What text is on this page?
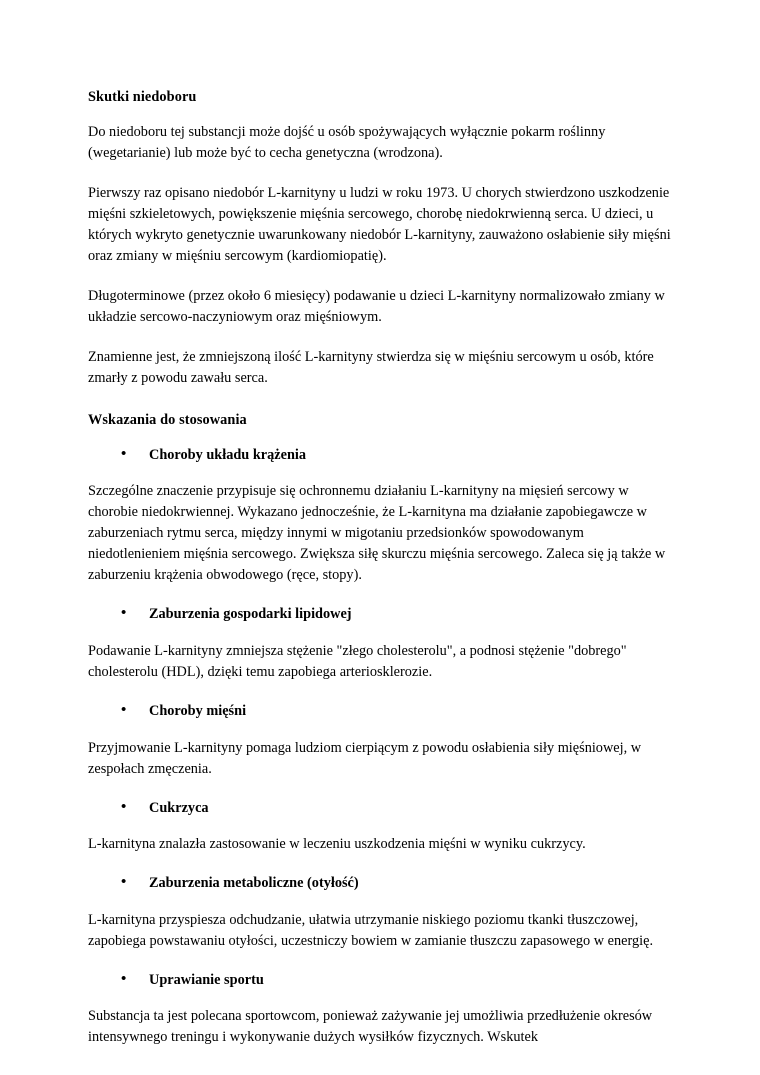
Skutki niedoboru

Do niedoboru tej substancji może dojść u osób spożywających wyłącznie pokarm roślinny (wegetarianie) lub może być to cecha genetyczna (wrodzona).

Pierwszy raz opisano niedobór L-karnityny u ludzi w roku 1973. U chorych stwierdzono uszkodzenie mięśni szkieletowych, powiększenie mięśnia sercowego, chorobę niedokrwienną serca. U dzieci, u których wykryto genetycznie uwarunkowany niedobór L-karnityny, zauważono osłabienie siły mięśni oraz zmiany w mięśniu sercowym (kardiomiopatię).

Długoterminowe (przez około 6 miesięcy) podawanie u dzieci L-karnityny normalizowało zmiany w układzie sercowo-naczyniowym oraz mięśniowym.

Znamienne jest, że zmniejszoną ilość L-karnityny stwierdza się w mięśniu sercowym u osób, które zmarły z powodu zawału serca.

Wskazania do stosowania
• Choroby układu krążenia

Szczególne znaczenie przypisuje się ochronnemu działaniu L-karnityny na mięsień sercowy w chorobie niedokrwiennej. Wykazano jednocześnie, że L-karnityna ma działanie zapobiegawcze w zaburzeniach rytmu serca, między innymi w migotaniu przedsionków spowodowanym niedotlenieniem mięśnia sercowego. Zwiększa siłę skurczu mięśnia sercowego. Zaleca się ją także w zaburzeniu krążenia obwodowego (ręce, stopy).

• Zaburzenia gospodarki lipidowej

Podawanie L-karnityny zmniejsza stężenie "złego cholesterolu", a podnosi stężenie "dobrego" cholesterolu (HDL), dzięki temu zapobiega arteriosklerozie.

• Choroby mięśni

Przyjmowanie L-karnityny pomaga ludziom cierpiącym z powodu osłabienia siły mięśniowej, w zespołach zmęczenia.

• Cukrzyca

L-karnityna znalazła zastosowanie w leczeniu uszkodzenia mięśni w wyniku cukrzycy.

• Zaburzenia metaboliczne (otyłość)

L-karnityna przyspiesza odchudzanie, ułatwia utrzymanie niskiego poziomu tkanki tłuszczowej, zapobiega powstawaniu otyłości, uczestniczy bowiem w zamianie tłuszczu zapasowego w energię.

• Uprawianie sportu

Substancja ta jest polecana sportowcom, ponieważ zażywanie jej umożliwia przedłużenie okresów intensywnego treningu i wykonywanie dużych wysiłków fizycznych. Wskutek
